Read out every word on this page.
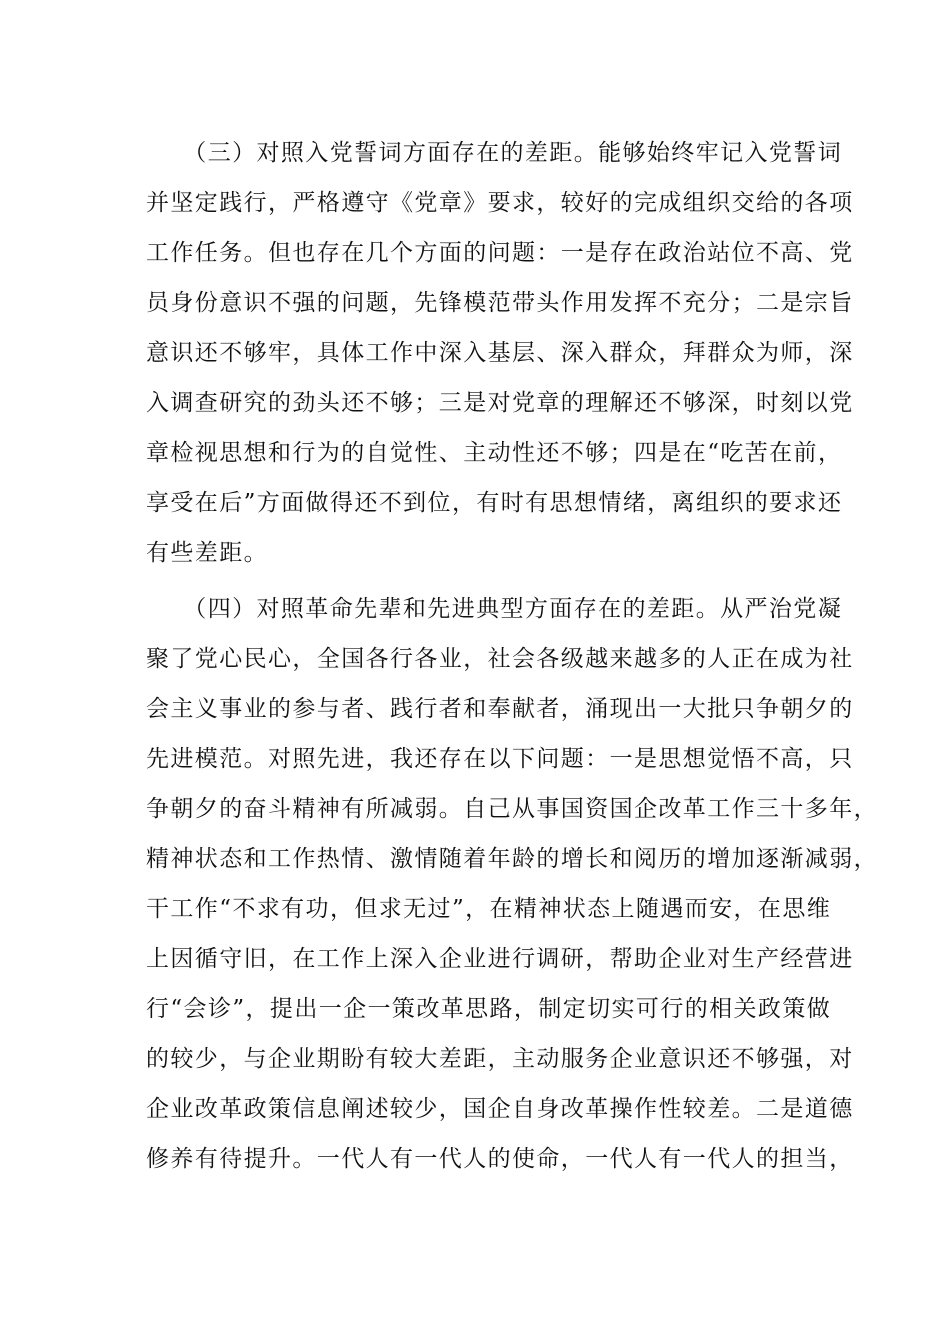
　　（三）对照入党誓词方面存在的差距。能够始终牢记入党誓词
并坚定践行，严格遵守《党章》要求，较好的完成组织交给的各项
工作任务。但也存在几个方面的问题：一是存在政治站位不高、党
员身份意识不强的问题，先锋模范带头作用发挥不充分；二是宗旨
意识还不够牢，具体工作中深入基层、深入群众，拜群众为师，深
入调查研究的劲头还不够；三是对党章的理解还不够深，时刻以党
章检视思想和行为的自觉性、主动性还不够；四是在“吃苦在前，
享受在后”方面做得还不到位，有时有思想情绪，离组织的要求还
有些差距。
　　（四）对照革命先辈和先进典型方面存在的差距。从严治党凝
聚了党心民心，全国各行各业，社会各级越来越多的人正在成为社
会主义事业的参与者、践行者和奉献者，涌现出一大批只争朝夕的
先进模范。对照先进，我还存在以下问题：一是思想觉悟不高，只
争朝夕的奋斗精神有所减弱。自己从事国资国企改革工作三十多年，
精神状态和工作热情、激情随着年龄的增长和阅历的增加逐渐减弱，
干工作“不求有功，但求无过”，在精神状态上随遇而安，在思维
上因循守旧，在工作上深入企业进行调研，帮助企业对生产经营进
行“会诊”，提出一企一策改革思路，制定切实可行的相关政策做
的较少，与企业期盼有较大差距，主动服务企业意识还不够强，对
企业改革政策信息阐述较少，国企自身改革操作性较差。二是道德
修养有待提升。一代人有一代人的使命，一代人有一代人的担当，
